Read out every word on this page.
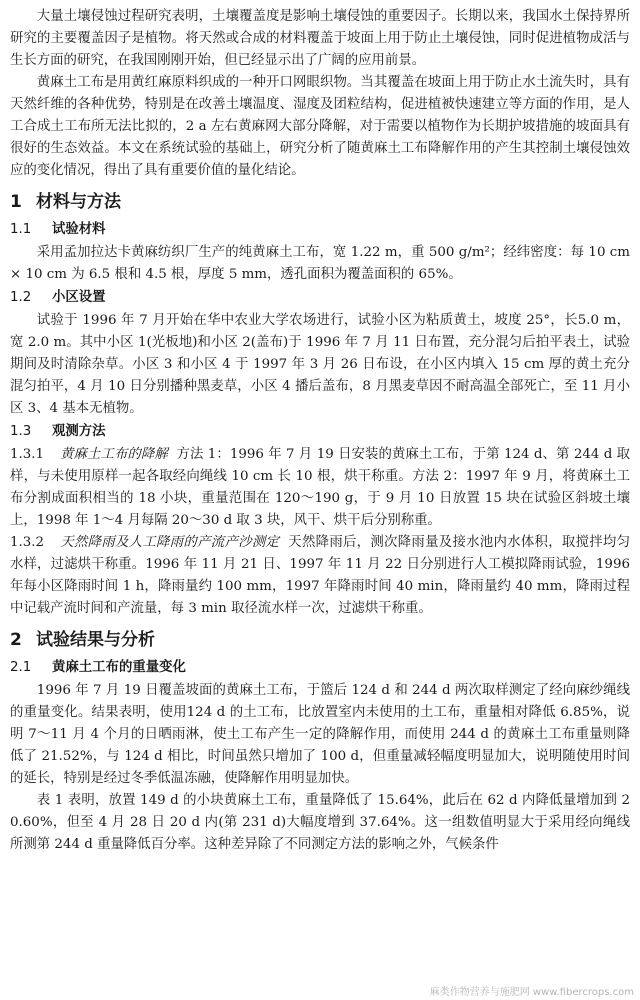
大量土壤侵蚀过程研究表明，土壤覆盖度是影响土壤侵蚀的重要因子。长期以来，我国水土保持界所研究的主要覆盖因子是植物。将天然或合成的材料覆盖于坡面上用于防止土壤侵蚀，同时促进植物成活与生长方面的研究，在我国刚刚开始，但已经显示出了广阔的应用前景。

黄麻土工布是用黄红麻原料织成的一种开口网眼织物。当其覆盖在坡面上用于防止水土流失时，具有天然纤维的各种优势，特别是在改善土壤温度、湿度及团粒结构，促进植被快速建立等方面的作用，是人工合成土工布所无法比拟的，2 a 左右黄麻网大部分降解，对于需要以植物作为长期护坡措施的坡面具有很好的生态效益。本文在系统试验的基础上，研究分析了随黄麻土工布降解作用的产生其控制土壤侵蚀效应的变化情况，得出了具有重要价值的量化结论。

1 材料与方法
1.1 试验材料

采用孟加拉达卡黄麻纺织厂生产的纯黄麻土工布，宽 1.22 m，重 500 g/m²；经纬密度：每 10 cm × 10 cm 为 6.5 根和 4.5 根，厚度 5 mm，透孔面积为覆盖面积的 65%。

1.2 小区设置

试验于 1996 年 7 月开始在华中农业大学农场进行，试验小区为粘质黄土，坡度 25°，长5.0 m，宽 2.0 m。其中小区 1(光板地)和小区 2(盖布)于 1996 年 7 月 11 日布置，充分混匀后拍平表土，试验期间及时清除杂草。小区 3 和小区 4 于 1997 年 3 月 26 日布设，在小区内填入 15 cm 厚的黄土充分混匀拍平，4 月 10 日分别播种黑麦草，小区 4 播后盖布，8 月黑麦草因不耐高温全部死亡，至 11 月小区 3、4 基本无植物。

1.3 观测方法

1.3.1 黄麻土工布的降解 方法 1：1996 年 7 月 19 日安装的黄麻土工布，于第 124 d、第 244 d 取样，与未使用原样一起各取经向绳线 10 cm 长 10 根，烘干称重。方法 2：1997 年 9 月，将黄麻土工布分割成面积相当的 18 小块，重量范围在 120～190 g，于 9 月 10 日放置 15 块在试验区斜坡土壤上，1998 年 1～4 月每隔 20～30 d 取 3 块，风干、烘干后分别称重。

1.3.2 天然降雨及人工降雨的产流产沙测定 天然降雨后，测次降雨量及接水池内水体积，取搅拌均匀水样，过滤烘干称重。1996 年 11 月 21 日、1997 年 11 月 22 日分别进行人工模拟降雨试验，1996 年每小区降雨时间 1 h，降雨量约 100 mm，1997 年降雨时间 40 min，降雨量约 40 mm，降雨过程中记载产流时间和产流量，每 3 min 取径流水样一次，过滤烘干称重。

2 试验结果与分析
2.1 黄麻土工布的重量变化

1996 年 7 月 19 日覆盖坡面的黄麻土工布，于篮后 124 d 和 244 d 两次取样测定了经向麻纱绳线的重量变化。结果表明，使用124 d 的土工布，比放置室内未使用的土工布，重量相对降低 6.85%，说明 7～11 月 4 个月的日晒雨淋，使土工布产生一定的降解作用，而使用 244 d 的黄麻土工布重量则降低了 21.52%，与 124 d 相比，时间虽然只增加了 100 d，但重量减轻幅度明显加大，说明随使用时间的延长，特别是经过冬季低温冻融，使降解作用明显加快。

表 1 表明，放置 149 d 的小块黄麻土工布，重量降低了 15.64%，此后在 62 d 内降低量增加到 20.60%，但至 4 月 28 日 20 d 内(第 231 d)大幅度增到 37.64%。这一组数值明显大于采用经向绳线所测第 244 d 重量降低百分率。这种差异除了不同测定方法的影响之外，气候条件

麻类作物营养与施肥网 www.fibercrops.com
